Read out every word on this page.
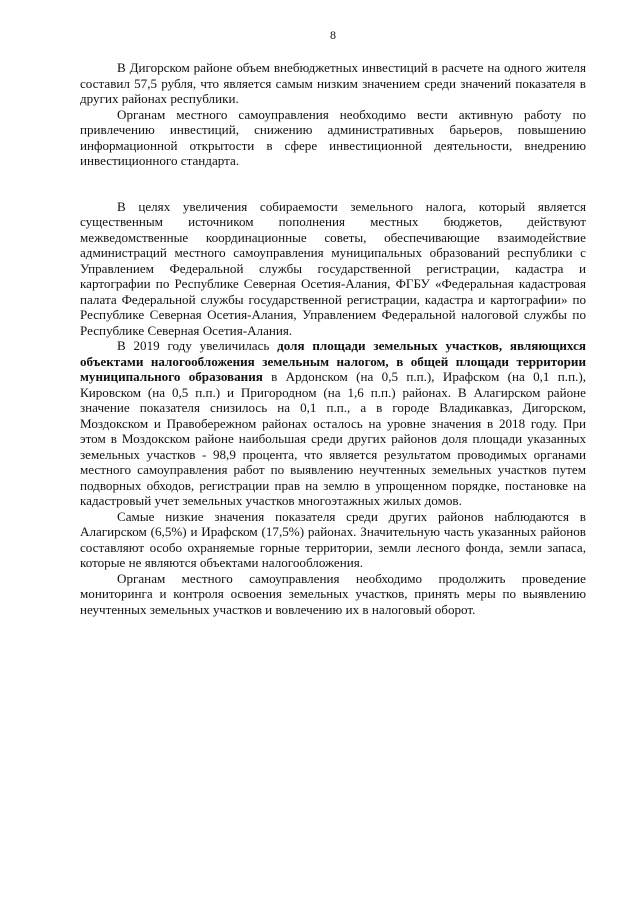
8

В Дигорском районе объем внебюджетных инвестиций в расчете на одного жителя составил 57,5 рубля, что является самым низким значением среди значений показателя в других районах республики.

Органам местного самоуправления необходимо вести активную работу по привлечению инвестиций, снижению административных барьеров, повышению информационной открытости в сфере инвестиционной деятельности, внедрению инвестиционного стандарта.

В целях увеличения собираемости земельного налога, который является существенным источником пополнения местных бюджетов, действуют межведомственные координационные советы, обеспечивающие взаимодействие администраций местного самоуправления муниципальных образований республики с Управлением Федеральной службы государственной регистрации, кадастра и картографии по Республике Северная Осетия-Алания, ФГБУ «Федеральная кадастровая палата Федеральной службы государственной регистрации, кадастра и картографии» по Республике Северная Осетия-Алания, Управлением Федеральной налоговой службы по Республике Северная Осетия-Алания.

В 2019 году увеличилась доля площади земельных участков, являющихся объектами налогообложения земельным налогом, в общей площади территории муниципального образования в Ардонском (на 0,5 п.п.), Ирафском (на 0,1 п.п.), Кировском (на 0,5 п.п.) и Пригородном (на 1,6 п.п.) районах. В Алагирском районе значение показателя снизилось на 0,1 п.п., а в городе Владикавказ, Дигорском, Моздокском и Правобережном районах осталось на уровне значения в 2018 году. При этом в Моздокском районе наибольшая среди других районов доля площади указанных земельных участков - 98,9 процента, что является результатом проводимых органами местного самоуправления работ по выявлению неучтенных земельных участков путем подворных обходов, регистрации прав на землю в упрощенном порядке, постановке на кадастровый учет земельных участков многоэтажных жилых домов.

Самые низкие значения показателя среди других районов наблюдаются в Алагирском (6,5%) и Ирафском (17,5%) районах. Значительную часть указанных районов составляют особо охраняемые горные территории, земли лесного фонда, земли запаса, которые не являются объектами налогообложения.

Органам местного самоуправления необходимо продолжить проведение мониторинга и контроля освоения земельных участков, принять меры по выявлению неучтенных земельных участков и вовлечению их в налоговый оборот.
